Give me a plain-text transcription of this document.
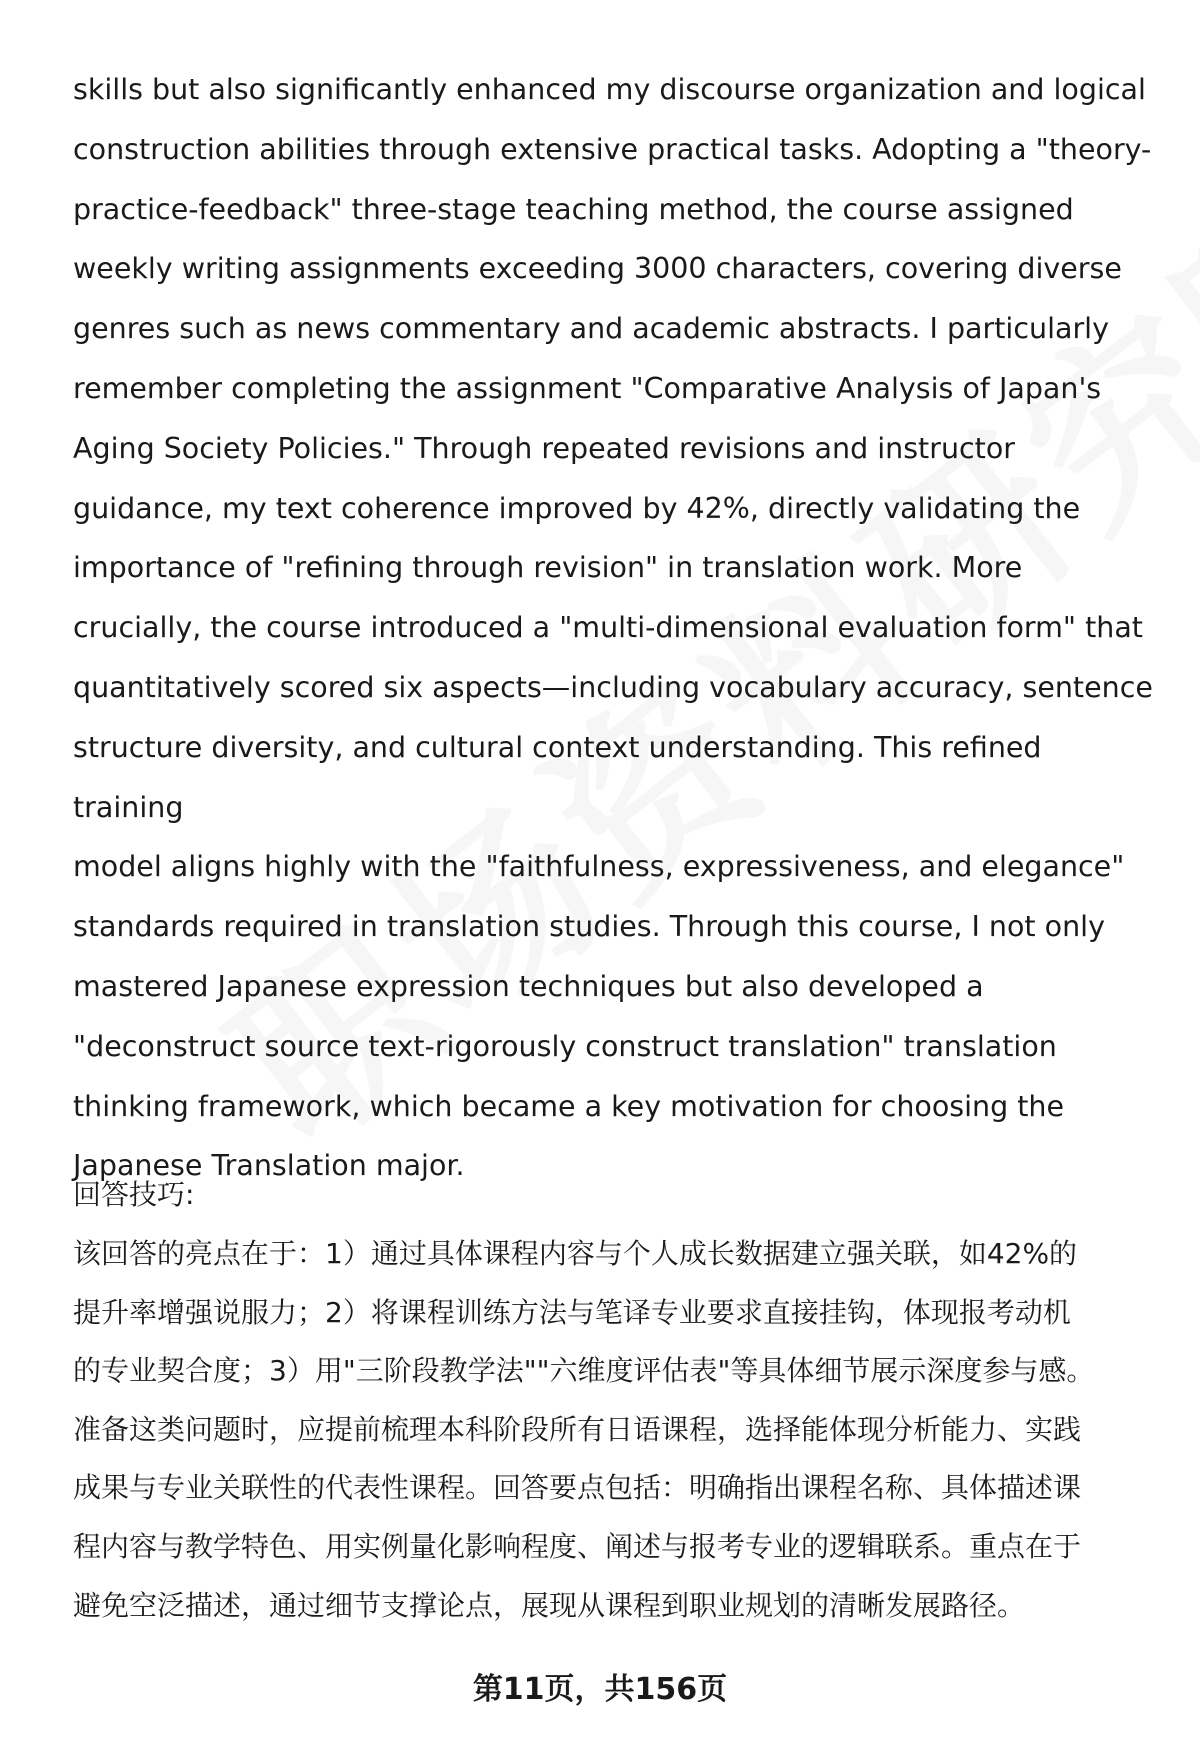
skills but also significantly enhanced my discourse organization and logical
construction abilities through extensive practical tasks. Adopting a "theory-
practice-feedback" three-stage teaching method, the course assigned
weekly writing assignments exceeding 3000 characters, covering diverse
genres such as news commentary and academic abstracts. I particularly
remember completing the assignment "Comparative Analysis of Japan's
Aging Society Policies." Through repeated revisions and instructor
guidance, my text coherence improved by 42%, directly validating the
importance of "refining through revision" in translation work. More
crucially, the course introduced a "multi-dimensional evaluation form" that
quantitatively scored six aspects—including vocabulary accuracy, sentence
structure diversity, and cultural context understanding. This refined training
model aligns highly with the "faithfulness, expressiveness, and elegance"
standards required in translation studies. Through this course, I not only
mastered Japanese expression techniques but also developed a
"deconstruct source text-rigorously construct translation" translation
thinking framework, which became a key motivation for choosing the
Japanese Translation major.
回答技巧:
该回答的亮点在于：1）通过具体课程内容与个人成长数据建立强关联，如42%的
提升率增强说服力；2）将课程训练方法与笔译专业要求直接挂钩，体现报考动机
的专业契合度；3）用"三阶段教学法""六维度评估表"等具体细节展示深度参与感。
准备这类问题时，应提前梳理本科阶段所有日语课程，选择能体现分析能力、实践
成果与专业关联性的代表性课程。回答要点包括：明确指出课程名称、具体描述课
程内容与教学特色、用实例量化影响程度、阐述与报考专业的逻辑联系。重点在于
避免空泛描述，通过细节支撑论点，展现从课程到职业规划的清晰发展路径。
第11页，共156页
